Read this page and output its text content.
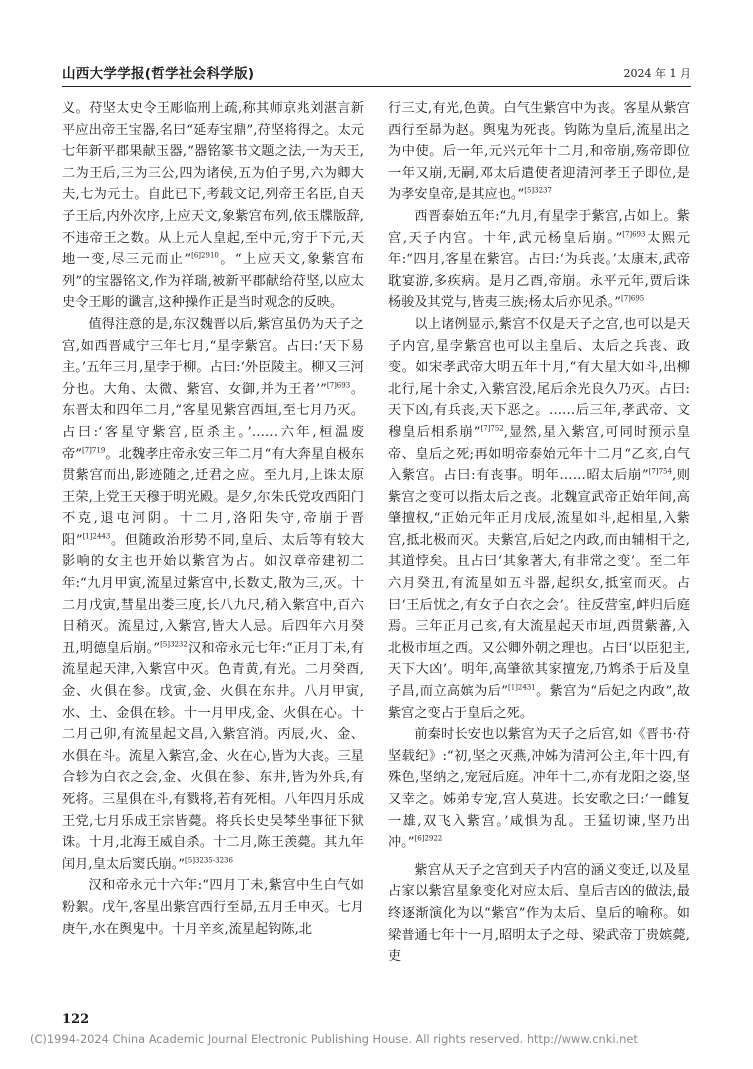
山西大学学报(哲学社会科学版)	2024 年 1 月

义。苻坚太史令王彫临刑上疏,称其师京兆刘湛言新平应出帝王宝器,名曰“延寿宝鼎”,苻坚将得之。太元七年新平郡果献玉器,“器铭篆书文题之法,一为天王,二为王后,三为三公,四为诸侯,五为伯子男,六为卿大夫,七为元士。自此已下,考载文记,列帝王名臣,自天子王后,内外次序,上应天文,象紫宫布列,依玉牒版辞,不违帝王之数。从上元人皇起,至中元,穷于下元,天地一变,尽三元而止”$^{[6]2910}$。“上应天文,象紫宫布列”的宝器铭文,作为祥瑞,被新平郡献给苻坚,以应太史令王彫的谶言,这种操作正是当时观念的反映。

值得注意的是,东汉魏晋以后,紫宫虽仍为天子之宫,如西晋咸宁三年七月,“星孛紫宫。占曰:‘天下易主。’五年三月,星孛于柳。占曰:‘外臣陵主。柳又三河分也。大角、太微、紫宫、女御,并为王者’”$^{[7]693}$。东晋太和四年二月,“客星见紫宫西垣,至七月乃灭。占曰:‘客星守紫宫,臣杀主。’……六年,桓温废帝”$^{[7]719}$。北魏孝庄帝永安三年二月“有大奔星自极东贯紫宫而出,影迹随之,迁君之应。至九月,上诛太原王荣,上党王天穆于明光殿。是夕,尔朱氏党攻西阳门不克,退屯河阴。十二月,洛阳失守,帝崩于晋阳”$^{[1]2443}$。但随政治形势不同,皇后、太后等有较大影响的女主也开始以紫宫为占。如汉章帝建初二年:“九月甲寅,流星过紫宫中,长数丈,散为三,灭。十二月戊寅,彗星出娄三度,长八九尺,稍入紫宫中,百六日稍灭。流星过,入紫宫,皆大人忌。后四年六月癸丑,明德皇后崩。”$^{[5]3232}$汉和帝永元七年:“正月丁未,有流星起天津,入紫宫中灭。色青黄,有光。二月癸酉,金、火俱在参。戊寅,金、火俱在东井。八月甲寅,水、土、金俱在轸。十一月甲戌,金、火俱在心。十二月己卯,有流星起文昌,入紫宫消。丙辰,火、金、水俱在斗。流星入紫宫,金、火在心,皆为大丧。三星合轸为白衣之会,金、火俱在参、东井,皆为外兵,有死将。三星俱在斗,有戮将,若有死相。八年四月乐成王党,七月乐成王宗皆薨。将兵长史吴棽坐事征下狱诛。十月,北海王威自杀。十二月,陈王羡薨。其九年闰月,皇太后窦氏崩。”$^{[5]3235-3236}$

汉和帝永元十六年:“四月丁未,紫宫中生白气如粉絮。戊午,客星出紫宫西行至昴,五月壬申灭。七月庚午,水在舆鬼中。十月辛亥,流星起钩陈,北

行三丈,有光,色黄。白气生紫宫中为丧。客星从紫宫西行至昴为赵。舆鬼为死丧。钩陈为皇后,流星出之为中使。后一年,元兴元年十二月,和帝崩,殇帝即位一年又崩,无嗣,邓太后遣使者迎清河孝王子即位,是为孝安皇帝,是其应也。”$^{[5]3237}$

西晋泰始五年:“九月,有星孛于紫宫,占如上。紫宫,天子内宫。十年,武元杨皇后崩。”$^{[7]693}$太熙元年:“四月,客星在紫宫。占曰:‘为兵丧。’太康末,武帝耽宴游,多疾病。是月乙酉,帝崩。永平元年,贾后诛杨骏及其党与,皆夷三族;杨太后亦见杀。”$^{[7]695}$

以上诸例显示,紫宫不仅是天子之宫,也可以是天子内宫,星孛紫宫也可以主皇后、太后之兵丧、政变。如宋孝武帝大明五年十月,“有大星大如斗,出柳北行,尾十余丈,入紫宫没,尾后余光良久乃灭。占曰:天下凶,有兵丧,天下恶之。……后三年,孝武帝、文穆皇后相系崩”$^{[7]752}$,显然,星入紫宫,可同时预示皇帝、皇后之死;再如明帝泰始元年十二月“乙亥,白气入紫宫。占曰:有丧事。明年……昭太后崩”$^{[7]754}$,则紫宫之变可以指太后之丧。北魏宣武帝正始年间,高肇擅权,“正始元年正月戊辰,流星如斗,起相星,入紫宫,抵北极而灭。夫紫宫,后妃之内政,而由辅相干之,其道悖矣。且占曰‘其象著大,有非常之变’。至二年六月癸丑,有流星如五斗器,起织女,抵室而灭。占曰‘王后忧之,有女子白衣之会’。往反营室,衅归后庭焉。三年正月己亥,有大流星起天市垣,西贯紫蕃,入北极市垣之西。又公卿外朝之理也。占曰‘以臣犯主,天下大凶’。明年,高肇欲其家擅宠,乃鸩杀于后及皇子昌,而立高嫔为后”$^{[1]2431}$。紫宫为“后妃之内政”,故紫宫之变占于皇后之死。

前秦时长安也以紫宫为天子之后宫,如《晋书·苻坚载纪》:“初,坚之灭燕,冲姊为清河公主,年十四,有殊色,坚纳之,宠冠后庭。冲年十二,亦有龙阳之姿,坚又幸之。姊弟专宠,宫人莫进。长安歌之曰:‘一雌复一雄,双飞入紫宫。’咸惧为乱。王猛切谏,坚乃出冲。”$^{[6]2922}$

紫宫从天子之宫到天子内宫的涵义变迁,以及星占家以紫宫星象变化对应太后、皇后吉凶的做法,最终逐渐演化为以“紫宫”作为太后、皇后的喻称。如梁普通七年十一月,昭明太子之母、梁武帝丁贵嫔薨,吏

122
(C)1994-2024 China Academic Journal Electronic Publishing House. All rights reserved. http://www.cnki.net
